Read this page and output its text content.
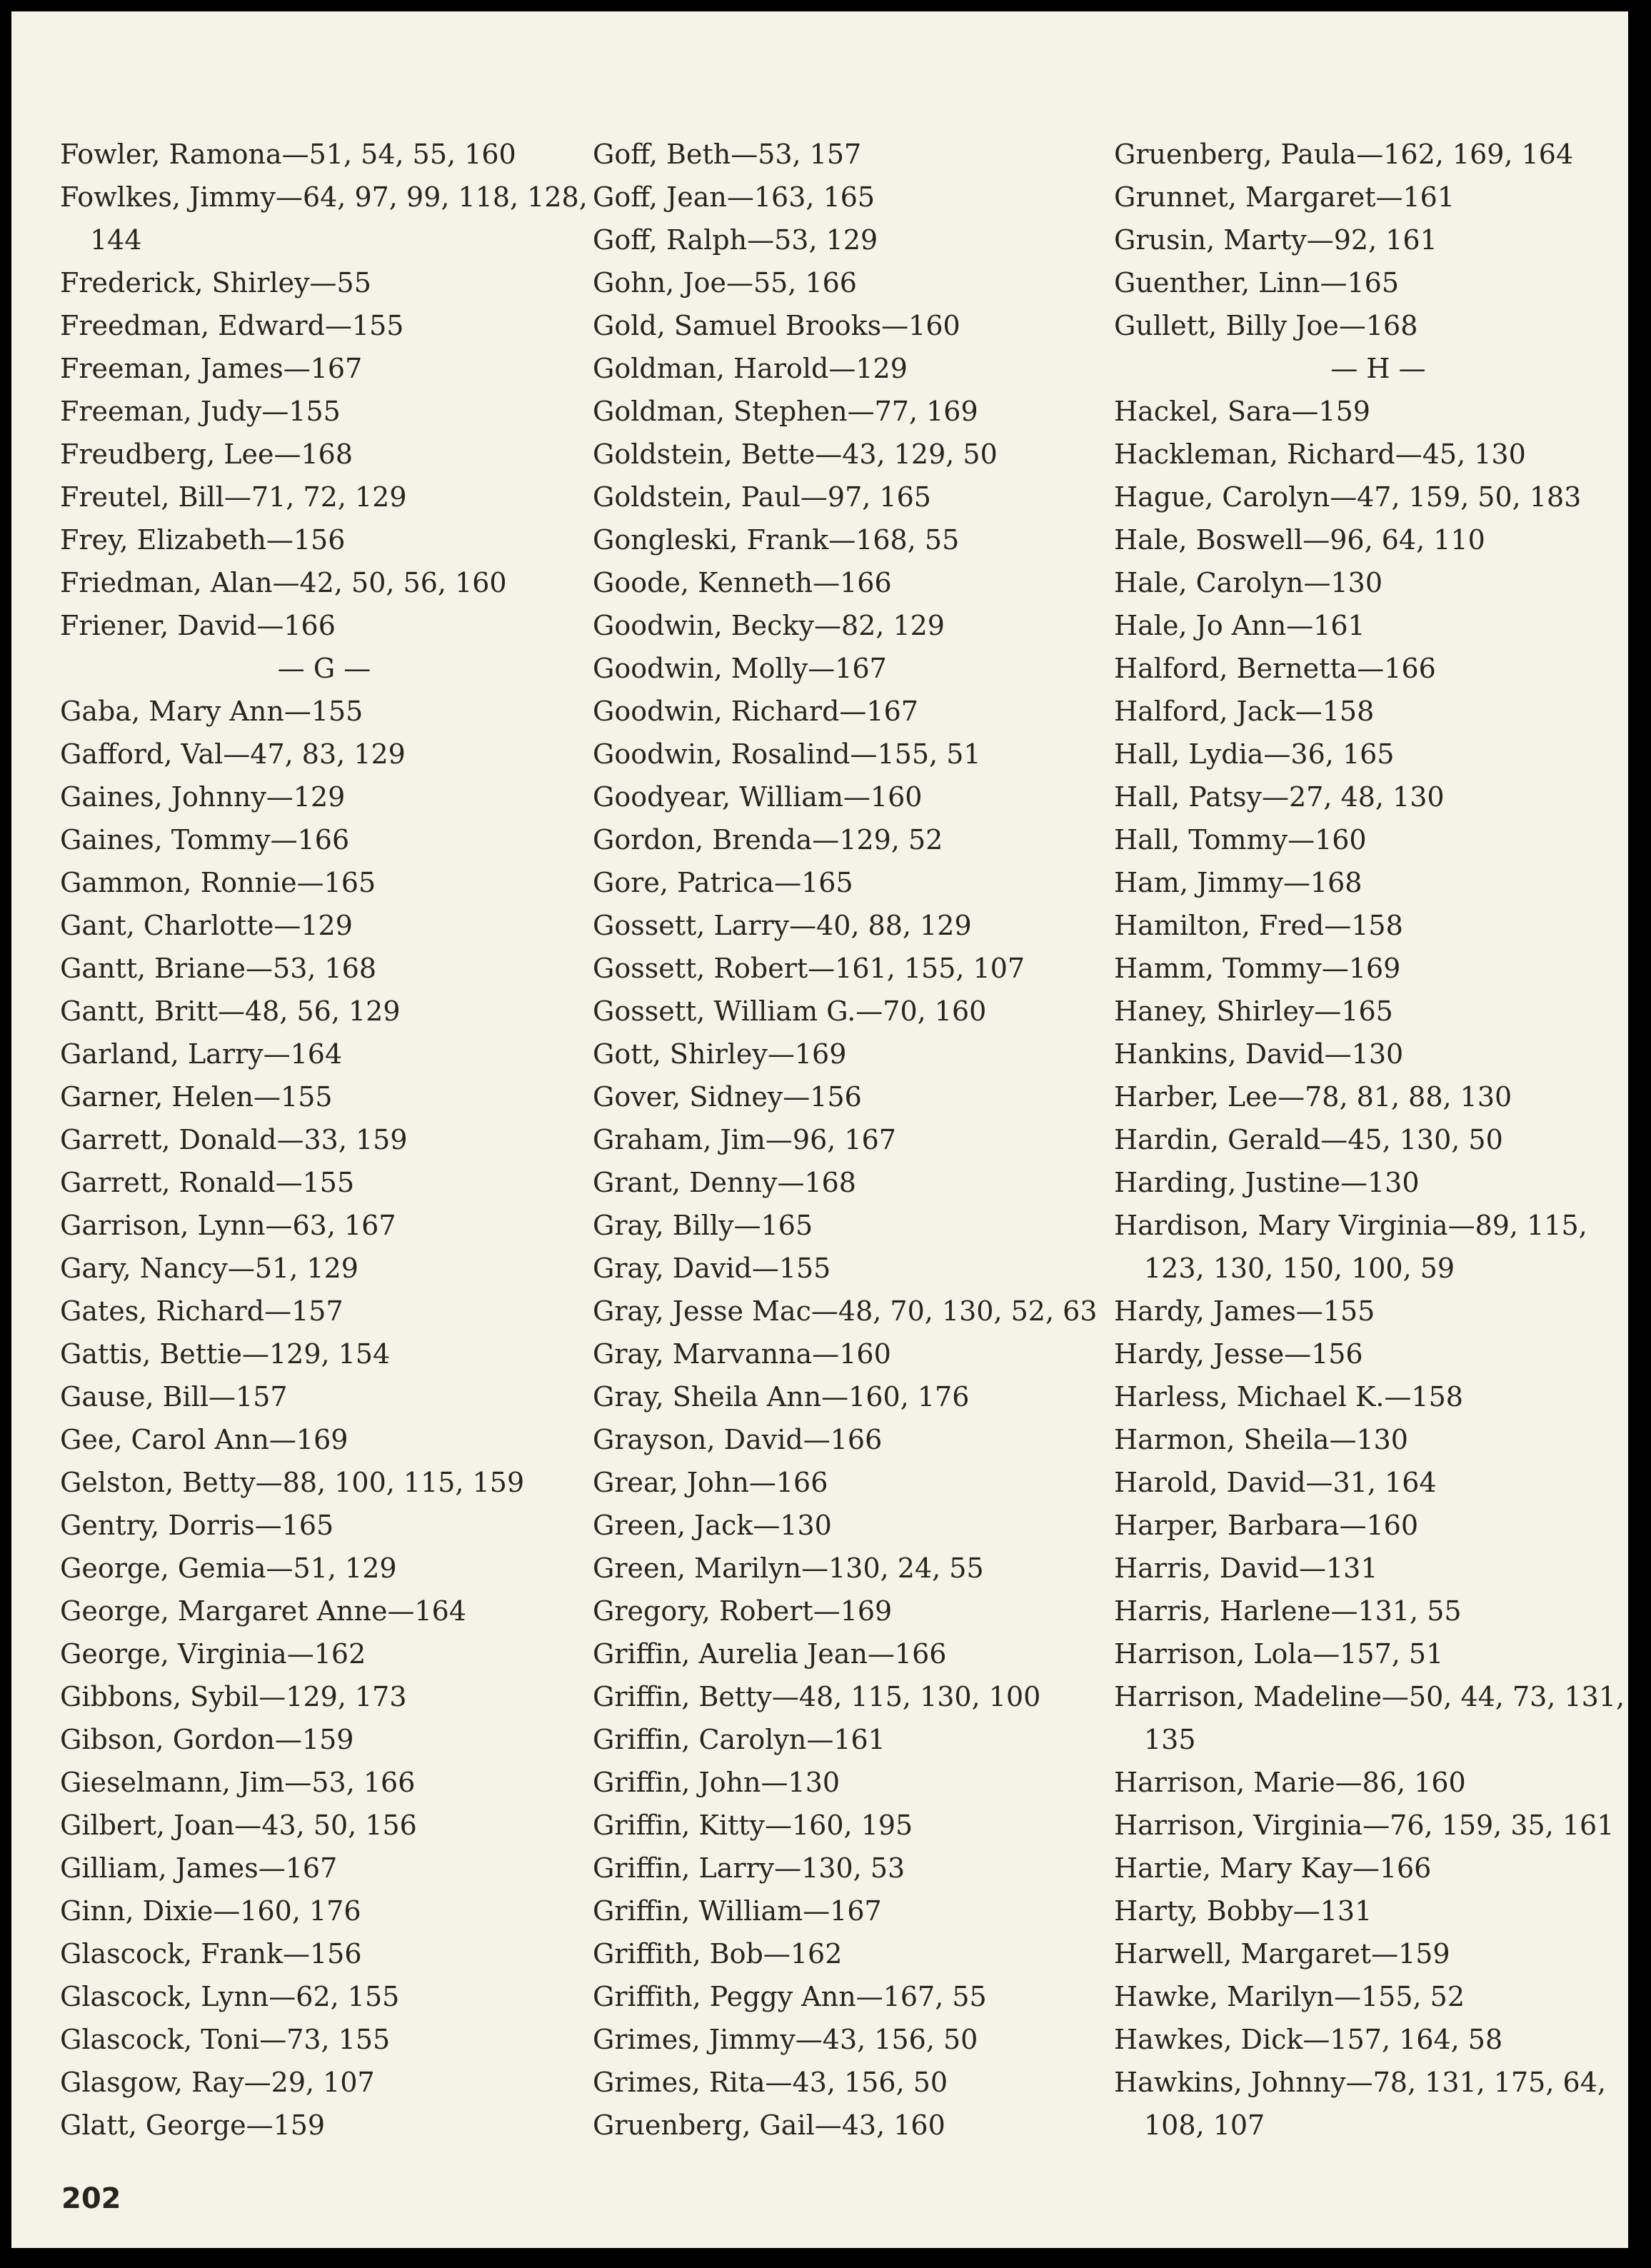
Fowler, Ramona—51, 54, 55, 160
Fowlkes, Jimmy—64, 97, 99, 118, 128, 144
Frederick, Shirley—55
Freedman, Edward—155
Freeman, James—167
Freeman, Judy—155
Freudberg, Lee—168
Freutel, Bill—71, 72, 129
Frey, Elizabeth—156
Friedman, Alan—42, 50, 56, 160
Friener, David—166
— G —
Gaba, Mary Ann—155
Gafford, Val—47, 83, 129
Gaines, Johnny—129
Gaines, Tommy—166
Gammon, Ronnie—165
Gant, Charlotte—129
Gantt, Briane—53, 168
Gantt, Britt—48, 56, 129
Garland, Larry—164
Garner, Helen—155
Garrett, Donald—33, 159
Garrett, Ronald—155
Garrison, Lynn—63, 167
Gary, Nancy—51, 129
Gates, Richard—157
Gattis, Bettie—129, 154
Gause, Bill—157
Gee, Carol Ann—169
Gelston, Betty—88, 100, 115, 159
Gentry, Dorris—165
George, Gemia—51, 129
George, Margaret Anne—164
George, Virginia—162
Gibbons, Sybil—129, 173
Gibson, Gordon—159
Gieselmann, Jim—53, 166
Gilbert, Joan—43, 50, 156
Gilliam, James—167
Ginn, Dixie—160, 176
Glascock, Frank—156
Glascock, Lynn—62, 155
Glascock, Toni—73, 155
Glasgow, Ray—29, 107
Glatt, George—159
Goff, Beth—53, 157
Goff, Jean—163, 165
Goff, Ralph—53, 129
Gohn, Joe—55, 166
Gold, Samuel Brooks—160
Goldman, Harold—129
Goldman, Stephen—77, 169
Goldstein, Bette—43, 129, 50
Goldstein, Paul—97, 165
Gongleski, Frank—168, 55
Goode, Kenneth—166
Goodwin, Becky—82, 129
Goodwin, Molly—167
Goodwin, Richard—167
Goodwin, Rosalind—155, 51
Goodyear, William—160
Gordon, Brenda—129, 52
Gore, Patrica—165
Gossett, Larry—40, 88, 129
Gossett, Robert—161, 155, 107
Gossett, William G.—70, 160
Gott, Shirley—169
Gover, Sidney—156
Graham, Jim—96, 167
Grant, Denny—168
Gray, Billy—165
Gray, David—155
Gray, Jesse Mac—48, 70, 130, 52, 63
Gray, Marvanna—160
Gray, Sheila Ann—160, 176
Grayson, David—166
Grear, John—166
Green, Jack—130
Green, Marilyn—130, 24, 55
Gregory, Robert—169
Griffin, Aurelia Jean—166
Griffin, Betty—48, 115, 130, 100
Griffin, Carolyn—161
Griffin, John—130
Griffin, Kitty—160, 195
Griffin, Larry—130, 53
Griffin, William—167
Griffith, Bob—162
Griffith, Peggy Ann—167, 55
Grimes, Jimmy—43, 156, 50
Grimes, Rita—43, 156, 50
Gruenberg, Gail—43, 160
Gruenberg, Paula—162, 169, 164
Grunnet, Margaret—161
Grusin, Marty—92, 161
Guenther, Linn—165
Gullett, Billy Joe—168
— H —
Hackel, Sara—159
Hackleman, Richard—45, 130
Hague, Carolyn—47, 159, 50, 183
Hale, Boswell—96, 64, 110
Hale, Carolyn—130
Hale, Jo Ann—161
Halford, Bernetta—166
Halford, Jack—158
Hall, Lydia—36, 165
Hall, Patsy—27, 48, 130
Hall, Tommy—160
Ham, Jimmy—168
Hamilton, Fred—158
Hamm, Tommy—169
Haney, Shirley—165
Hankins, David—130
Harber, Lee—78, 81, 88, 130
Hardin, Gerald—45, 130, 50
Harding, Justine—130
Hardison, Mary Virginia—89, 115, 123, 130, 150, 100, 59
Hardy, James—155
Hardy, Jesse—156
Harless, Michael K.—158
Harmon, Sheila—130
Harold, David—31, 164
Harper, Barbara—160
Harris, David—131
Harris, Harlene—131, 55
Harrison, Lola—157, 51
Harrison, Madeline—50, 44, 73, 131, 135
Harrison, Marie—86, 160
Harrison, Virginia—76, 159, 35, 161
Hartie, Mary Kay—166
Harty, Bobby—131
Harwell, Margaret—159
Hawke, Marilyn—155, 52
Hawkes, Dick—157, 164, 58
Hawkins, Johnny—78, 131, 175, 64, 108, 107
202
